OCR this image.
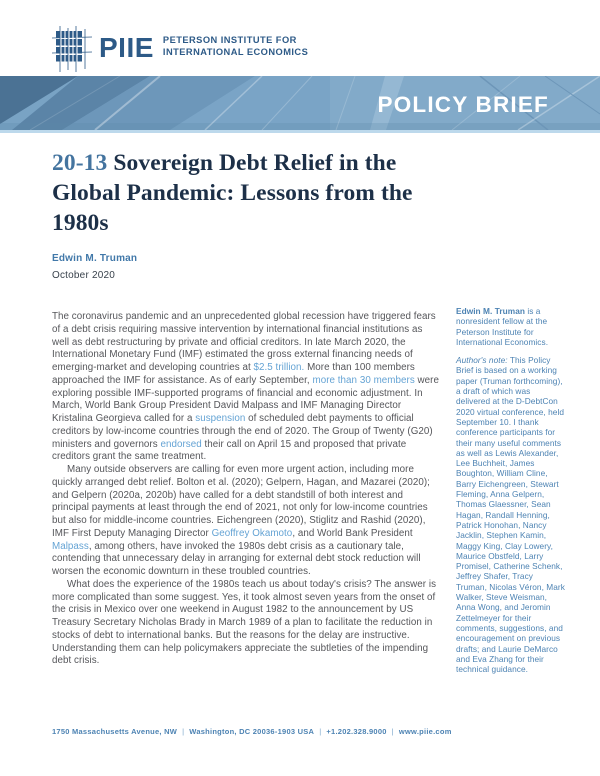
PIIE PETERSON INSTITUTE FOR
INTERNATIONAL ECONOMICS
POLICY BRIEF
20-13 Sovereign Debt Relief in the Global Pandemic: Lessons from the 1980s
Edwin M. Truman
October 2020

The coronavirus pandemic and an unprecedented global recession have triggered fears of a debt crisis requiring massive intervention by international financial institutions as well as debt restructuring by private and official creditors. In late March 2020, the International Monetary Fund (IMF) estimated the gross external financing needs of emerging-market and developing countries at $2.5 trillion. More than 100 members approached the IMF for assistance. As of early September, more than 30 members were exploring possible IMF-supported programs of financial and economic adjustment. In March, World Bank Group President David Malpass and IMF Managing Director Kristalina Georgieva called for a suspension of scheduled debt payments to official creditors by low-income countries through the end of 2020. The Group of Twenty (G20) ministers and governors endorsed their call on April 15 and proposed that private creditors grant the same treatment.

Many outside observers are calling for even more urgent action, including more quickly arranged debt relief. Bolton et al. (2020); Gelpern, Hagan, and Mazarei (2020); and Gelpern (2020a, 2020b) have called for a debt standstill of both interest and principal payments at least through the end of 2021, not only for low-income countries but also for middle-income countries. Eichengreen (2020), Stiglitz and Rashid (2020), IMF First Deputy Managing Director Geoffrey Okamoto, and World Bank President Malpass, among others, have invoked the 1980s debt crisis as a cautionary tale, contending that unnecessary delay in arranging for external debt stock reduction will worsen the economic downturn in these troubled countries.

What does the experience of the 1980s teach us about today's crisis? The answer is more complicated than some suggest. Yes, it took almost seven years from the onset of the crisis in Mexico over one weekend in August 1982 to the announcement by US Treasury Secretary Nicholas Brady in March 1989 of a plan to facilitate the reduction in stocks of debt to international banks. But the reasons for the delay are instructive. Understanding them can help policymakers appreciate the subtleties of the impending debt crisis.

Edwin M. Truman is a nonresident fellow at the Peterson Institute for International Economics.

Author's note: This Policy Brief is based on a working paper (Truman forthcoming), a draft of which was delivered at the D-DebtCon 2020 virtual conference, held September 10. I thank conference participants for their many useful comments as well as Lewis Alexander, Lee Buchheit, James Boughton, William Cline, Barry Eichengreen, Stewart Fleming, Anna Gelpern, Thomas Glaessner, Sean Hagan, Randall Henning, Patrick Honohan, Nancy Jacklin, Stephen Kamin, Maggy King, Clay Lowery, Maurice Obstfeld, Larry Promisel, Catherine Schenk, Jeffrey Shafer, Tracy Truman, Nicolas Véron, Mark Walker, Steve Weisman, Anna Wong, and Jeromin Zettelmeyer for their comments, suggestions, and encouragement on previous drafts; and Laurie DeMarco and Eva Zhang for their technical guidance.

1750 Massachusetts Avenue, NW | Washington, DC 20036-1903 USA | +1.202.328.9000 | www.piie.com
